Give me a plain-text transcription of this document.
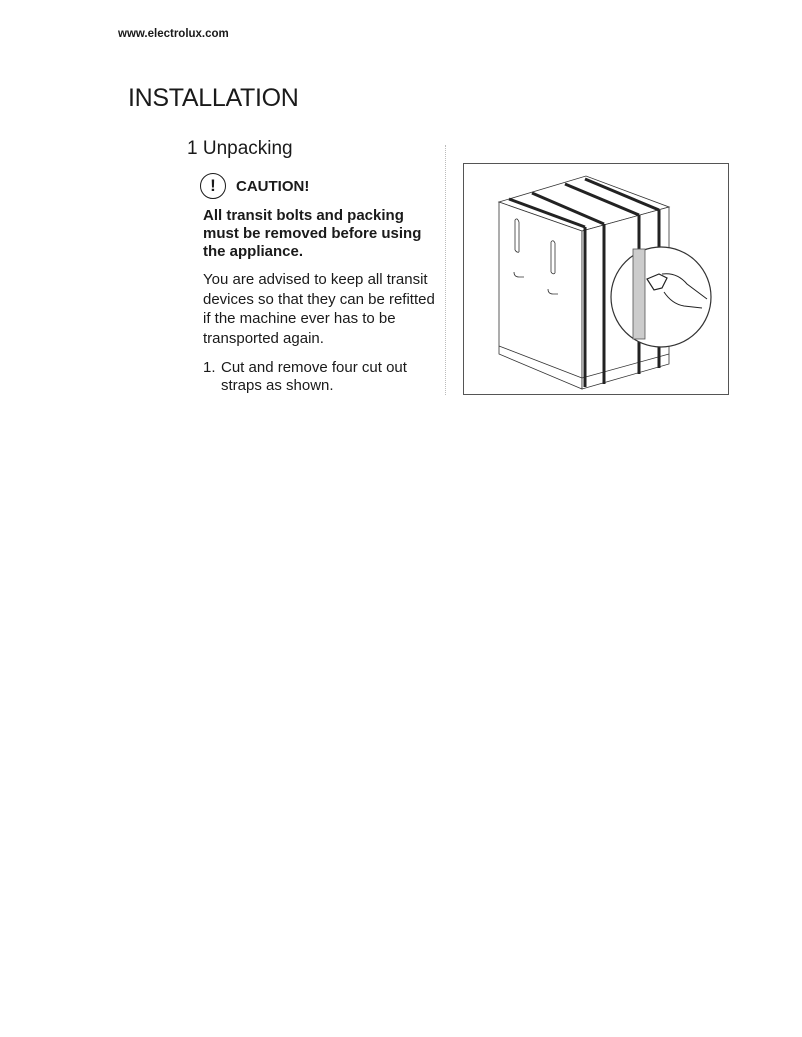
www.electrolux.com
INSTALLATION
1 Unpacking
!	CAUTION!
All transit bolts and packing must be removed before using the appliance.
You are advised to keep all transit devices so that they can be refitted if the machine ever has to be transported again.
1. Cut and remove four cut out straps as shown.
